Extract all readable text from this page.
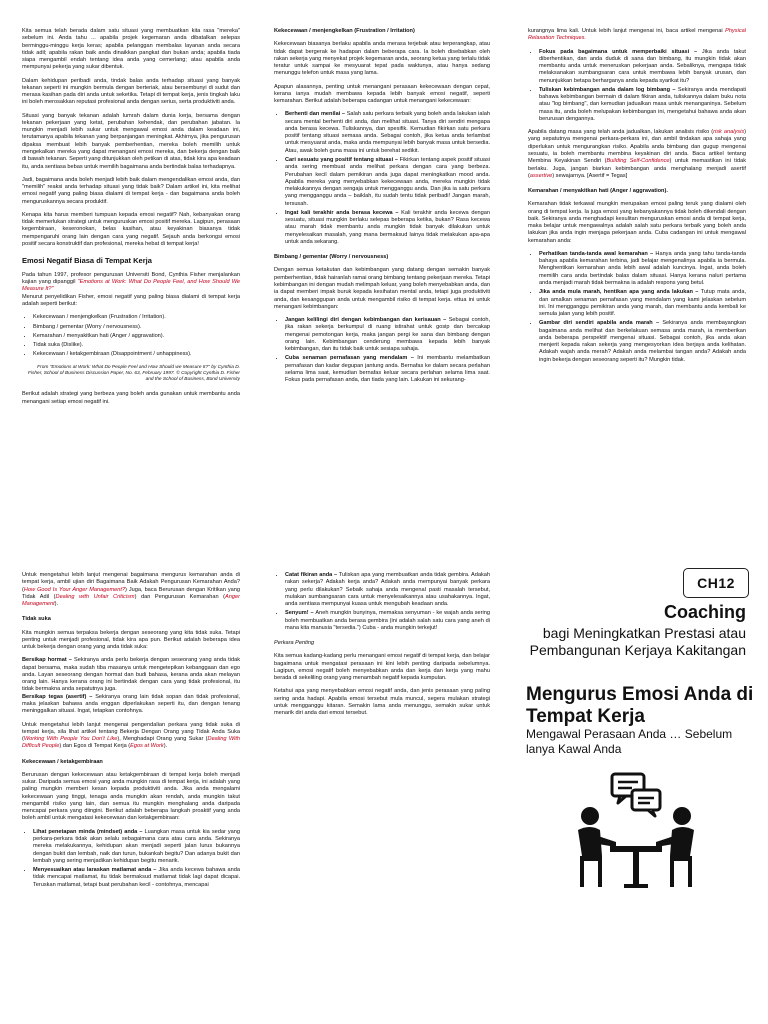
Kita semua telah berada dalam satu situasi yang membuatkan kita rasa "mereka" sebelum ini. Anda tahu ... apabila projek kegemaran anda dibatalkan selepas berminggu-minggu kerja keras; apabila pelanggan membalas layanan anda secara tidak adil; apabila rakan baik anda dinaikkan pangkat dan bukan anda; apabila tiada siapa mengambil endah tentang idea anda yang cemerlang; atau apabila anda mempunyai pekerja yang sukar dibentuk.

Dalam kehidupan peribadi anda, tindak balas anda terhadap situasi yang banyak tekanan seperti ini mungkin bermula dengan berteriak, atau bersembunyi di sudut dan merasa kasihan pada diri anda untuk seketika. Tetapi di tempat kerja, jenis tingkah laku ini boleh merosakkan reputasi profesional anda dengan serius, serta produktiviti anda.

Situasi yang banyak tekanan adalah lumrah dalam dunia kerja, bersama dengan tekanan pekerjaan yang ketat, perubahan kehendak, dan perubahan jabatan. Ia mungkin menjadi lebih sukar untuk mengawal emosi anda dalam keadaan ini, terutamanya apabila tekanan yang berpanjangan meningkat. Akhirnya, jika pengurusan dipaksa membuat lebih banyak pemberhentian, mereka boleh memilih untuk mengekalkan mereka yang dapat menangani emosi mereka, dan bekerja dengan baik di bawah tekanan. Seperti yang ditunjukkan oleh petikan di atas, tidak kira apa keadaan itu, anda sentiasa bebas untuk memilih bagaimana anda bertindak balas terhadapnya.

Jadi, bagaimana anda boleh menjadi lebih baik dalam mengendalikan emosi anda, dan "memilih" reaksi anda terhadap situasi yang tidak baik? Dalam artikel ini, kita melihat emosi negatif yang paling biasa dialami di tempat kerja - dan bagaimana anda boleh menguruskannya secara produktif.

Kenapa kita harus memberi tumpuan kepada emosi negatif? Nah, kebanyakan orang tidak memerlukan strategi untuk menguruskan emosi positif mereka. Lagipun, perasaan kegembiraan, keseronokan, belas kasihan, atau keyakinan biasanya tidak mempengaruhi orang lain dengan cara yang negatif. Sejauh anda berkongsi emosi positif secara konstruktif dan profesional, mereka hebat di tempat kerja!

Emosi Negatif Biasa di Tempat Kerja

Pada tahun 1997, profesor pengurusan Universiti Bond, Cynthia Fisher menjalankan kajian yang dipanggil "Emotions at Work: What Do People Feel, and How Should We Measure It?"
Menurut penyelidikan Fisher, emosi negatif yang paling biasa dialami di tempat kerja adalah seperti berikut:

• Kekecewaan / menjengkelkan (Frustration / Irritation).
• Bimbang / gementar (Worry / nervousness).
• Kemarahan / menyakitkan hati (Anger / aggravation).
• Tidak suka (Dislike).
• Kekecewaan / ketakgembiraan (Disappointment / unhappiness).
From "Emotions at Work: What Do People Feel and How Should we Measure It?" by Cynthia D. Fisher, School of Business Discussion Paper, No. 63, February 1997. © Copyright Cynthia D. Fisher and the School of Business, Bond University

Berikut adalah strategi yang berbeza yang boleh anda gunakan untuk membantu anda menangani setiap emosi negatif ini.

Kekecewaan / menjengkelkan (Frustration / Irritation)

Kekecewaan biasanya berlaku apabila anda merasa terjebak atau terperangkap, atau tidak dapat bergerak ke hadapan dalam beberapa cara. Ia boleh disebabkan oleh rakan sekerja yang menyekat projek kegemaran anda, seorang ketua yang terlalu tidak teratur untuk sampai ke mesyuarat tepat pada waktunya, atau hanya sedang menunggu telefon untuk masa yang lama.

Apapun alasannya, penting untuk menangani perasaan kekecewaan dengan cepat, kerana ianya mudah membawa kepada lebih banyak emosi negatif, seperti kemarahan. Berikut adalah beberapa cadangan untuk menangani kekecewaan:

• Berhenti dan menilai – Salah satu perkara terbaik yang boleh anda lakukan ialah secara mental berhenti diri anda, dan melihat situasi. Tanya diri sendiri mengapa anda berasa kecewa. Tuliskannya, dan spesifik. Kemudian fikirkan satu perkara positif tentang situasi semasa anda. Sebagai contoh, jika ketua anda terlambat untuk mesyuarat anda, maka anda mempunyai lebih banyak masa untuk bersedia. Atau, awak boleh guna masa ini untuk berehat sedikit.
• Cari sesuatu yang positif tentang situasi – Fikirkan tentang aspek positif situasi anda sering membuat anda melihat perkara dengan cara yang berbeza. Perubahan kecil dalam pemikiran anda juga dapat meningkatkan mood anda. Apabila mereka yang menyebabkan kekecewaan anda, mereka mungkin tidak melakukannya dengan sengaja untuk mengganggu anda. Dan jika ia satu perkara yang mengganggu anda – baiklah, itu sudah tentu tidak peribadi! Jangan marah, tersusah.
• Ingat kali terakhir anda berasa kecewa – Kali terakhir anda kecewa dengan sesuatu, situasi mungkin berlaku selepas beberapa ketika, bukan? Rasa kecewa atau marah tidak membantu anda mungkin tidak banyak dilakukan untuk menyelesaikan masalah, yang mana bermaksud lainya tidak melakukan apa-apa untuk anda sekarang.
Bimbang / gementar (Worry / nervousness)

Dengan semua ketakutan dan kebimbangan yang datang dengan semakin banyak pemberhentian, tidak hairanlah ramai orang bimbang tentang pekerjaan mereka. Tetapi kebimbangan ini dengan mudah melimpah keluar, yang boleh menyebabkan anda, dan ia dapat memberi impak buruk kepada kesihatan mental anda, tetapi juga produktiviti anda, dan kesanggupan anda untuk mengambil risiko di tempat kerja. ettua ini untuk menangani kebimbangan:

• Jangan kelilingi diri dengan kebimbangan dan kerisauan – Sebagai contoh, jika rakan sekerja berkumpul di ruang istirahat untuk gosip dan bercakap mengenai pemotongan kerja, maka jangan pergi ke sana dan bimbang dengan orang lain. Kebimbangan cenderung membawa kepada lebih banyak kebimbangan, dan itu tidak baik untuk sesiapa sahaja.
• Cuba senaman pernafasan yang mendalam – Ini membantu melambatkan pernafasan dan kadar degupan jantung anda. Bernafas ke dalam secara perlahan selama lima saat, kemudian bernafas keluar secara perlahan selama lima saat. Fokus pada pernafasan anda, dan tiada yang lain. Lakukan ini sekurang-

kurangnya lima kali. Untuk lebih lanjut mengenai ini, baca artikel mengenai Physical Relaxation Techniques.

• Fokus pada bagaimana untuk memperbaiki situasi – Jika anda takut diberhentikan, dan anda duduk di sana dan bimbang, itu mungkin tidak akan membantu anda untuk meneruskan pekerjaan anda. Sebaliknya, mengapa tidak melaksanakan sumbangsaran cara untuk membawa lebih banyak urusan, dan menunjukkan betapa berharganya anda kepada syarikat itu?
• Tuliskan kebimbangan anda dalam log bimbang – Sekiranya anda mendapati bahawa kebimbangan bermain di dalam fikiran anda, tuliskannya dalam buku nota atau "log bimbang", dan kemudian jadualkan masa untuk menanganinya. Sebelum masa itu, anda boleh melupakan kebimbangan ini, mengetahui bahawa anda akan berurusan dengannya.

Apabila datang masa yang telah anda jadualkan, lakukan analisis risiko (risk analysis) yang sepatutnya mengenai perkara-perkara ini, dan ambil tindakan apa sahaja yang diperlukan untuk mengurangkan risiko. Apabila anda bimbang dan gugup mengenai sesuatu, ia boleh membantu membina keyakinan diri anda. Baca artikel tentang Membina Keyakinan Sendiri (Building Self-Confidence) untuk memastikan ini tidak berlaku. Juga, jangan biarkan kebimbangan anda menghalang menjadi asertif (assertive) sewajarnya. [Asertif = Tegas]

Kemarahan / menyakitkan hati (Anger / aggravation).

Kemarahan tidak terkawal mungkin merupakan emosi paling teruk yang dialami oleh orang di tempat kerja. Ia juga emosi yang kebanyakannya tidak boleh dikendali dengan baik. Sekiranya anda menghadapi kesulitan menguruskan emosi anda di tempat kerja, maka belajar untuk mengawalnya adalah salah satu perkara terbaik yang boleh anda lakukan jika anda ingin menjaga pekerjaan anda. Cuba cadangan ini untuk mengawal kemarahan anda:

• Perhatikan tanda-tanda awal kemarahan – Hanya anda yang tahu tanda-tanda bahaya apabila kemarahan terbina, jadi belajar mengenalinya apabila ia bermula. Menghentikan kemarahan anda lebih awal adalah kuncinya. Ingat, anda boleh memilih cara anda bertindak balas dalam situasi. Hanya kerana naluri pertama anda menjadi marah tidak bermakna ia adalah respons yang betul.
• Jika anda mula marah, hentikan apa yang anda lakukan – Tutup mata anda, dan amalkan senaman pernafasan yang mendalam yang kami jelaskan sebelum ini. Ini mengganggu pemikiran anda yang marah, dan membantu anda kembali ke semula jalan yang lebih positif.
• Gambar diri sendiri apabila anda marah – Sekiranya anda membayangkan bagaimana anda melihat dan berkelakuan semasa anda marah, ia memberikan anda beberapa perspektif mengenai situasi. Sebagai contoh, jika anda akan menjerit kepada rakan sekerja yang mengesyorkan idea berjaya anda kelihatan. Adakah wajah anda merah? Adakah anda melambai tangan anda? Adakah anda ingin bekerja dengan seseorang seperti itu? Mungkin tidak.

Untuk mengetahui lebih lanjut mengenai bagaimana mengurus kemarahan anda di tempat kerja, ambil ujian diri Bagaimana Baik Adakah Pengurusan Kemarahan Anda? (How Good Is Your Anger Management?) Juga, baca Berurusan dengan Kritikan yang Tidak Adil (Dealing with Unfair Criticism) dan Pengurusan Kemarahan (Anger Management).

Tidak suka

Kita mungkin semua terpaksa bekerja dengan seseorang yang kita tidak suka. Tetapi penting untuk menjadi profesional, tidak kira apa pun. Berikut adalah beberapa idea untuk bekerja dengan orang yang anda tidak suka:

Bersikap hormat – Sekiranya anda perlu bekerja dengan seseorang yang anda tidak dapat bersama, maka sudah tiba masanya untuk mengetepikan kebanggaan dan ego anda. Layan seseorang dengan hormat dan budi bahasa, kerana anda akan melayan orang lain. Hanya kerana orang ini bertindak dengan cara yang tidak profesional, itu tidak bermakna anda sepatutnya juga.
Bersikap tegas (asertif) – Sekiranya orang lain tidak sopan dan tidak profesional, maka jelaskan bahawa anda enggan diperlakukan seperti itu, dan dengan tenang meninggalkan situasi. Ingat, tetapkan contohnya.

Untuk mengetahui lebih lanjut mengenai pengendalian perkara yang tidak suka di tempat kerja, sila lihat artikel tentang Bekerja Dengan Orang yang Tidak Anda Suka (Working With People You Don't Like), Menghadapi Orang yang Sukar (Dealing With Difficult People) dan Egos di Tempat Kerja (Egos at Work).

Kekecewaan / ketakgembiraan

Berurusan dengan kekecewaan atau ketakgembiraan di tempat kerja boleh menjadi sukar. Daripada semua emosi yang anda mungkin rasa di tempat kerja, ini adalah yang paling mungkin memberi kesan kepada produktiviti anda. Jika anda mengalami kekecewaan yang tinggi, tenaga anda mungkin akan rendah, anda mungkin takut mengambil risiko yang lain, dan semua itu mungkin menghalang anda daripada mencapai perkara yang diingini. Berikut adalah beberapa langkah proaktif yang anda boleh ambil untuk mengatasi kekecewaan dan ketakgembiraan:

• Lihat penetapan minda (mindset) anda – Luangkan masa untuk kia sedar yang perkara-perkara tidak akan selalu sebagaimana cara atau cara anda. Sekiranya mereka melakukannya, kehidupan akan menjadi seperti jalan lurus bukannya dengan bukit dan lembah, naik dan turun, bukankah begitu? Dan adanya bukit dan lembah yang sering menjadikan kehidupan begitu menarik.
• Menyesuaikan atau laraskan matlamat anda – Jika anda kecewa bahawa anda tidak mencapai matlamat, itu tidak bermaksud matlamat tidak lagi dapat dicapai. Teruskan matlamat, tetapi buat perubahan kecil - contohnya, mencapai
• Catat fikiran anda – Tuliskan apa yang membuatkan anda tidak gembira. Adakah rakan sekerja? Adakah kerja anda? Adakah anda mempunyai banyak perkara yang perlu dilakukan? Sebaik sahaja anda mengenal pasti masalah tersebut, mulakan sumbangsaran cara untuk menyelesaikannya atau usahakannya. Ingat, anda sentiasa mempunyai kuasa untuk mengubah keadaan anda.
• Senyum! – Aneh mungkin bunyinya, memaksa senyuman - ke wajah anda sering boleh membuatkan anda berasa gembira (ini adalah salah satu cara yang aneh di mana kita manusia "tersedia.") Cuba - anda mungkin terkejut!
Perkara Penting

Kita semua kadang-kadang perlu menangani emosi negatif di tempat kerja, dan belajar bagaimana untuk mengatasi perasaan ini kini lebih penting daripada sebelumnya. Lagipun, emosi negatif boleh menyebabkan anda dan kerja dan kerja yang mahu berada di sekeliling orang yang menambah negatif kepada kumpulan.

Ketahui apa yang menyebabkan emosi negatif anda, dan jenis perasaan yang paling sering anda hadapi. Apabila emosi tersebut mula muncul, segera mulakan strategi untuk mengganggu kitaran. Semakin lama anda menunggu, semakin sukar untuk menarik diri anda dari emosi tersebut.

CH12
Coaching
bagi Meningkatkan Prestasi atau Pembangunan Kerjaya Kakitangan
Mengurus Emosi Anda di Tempat Kerja
Mengawal Perasaan Anda … Sebelum lanya Kawal Anda
